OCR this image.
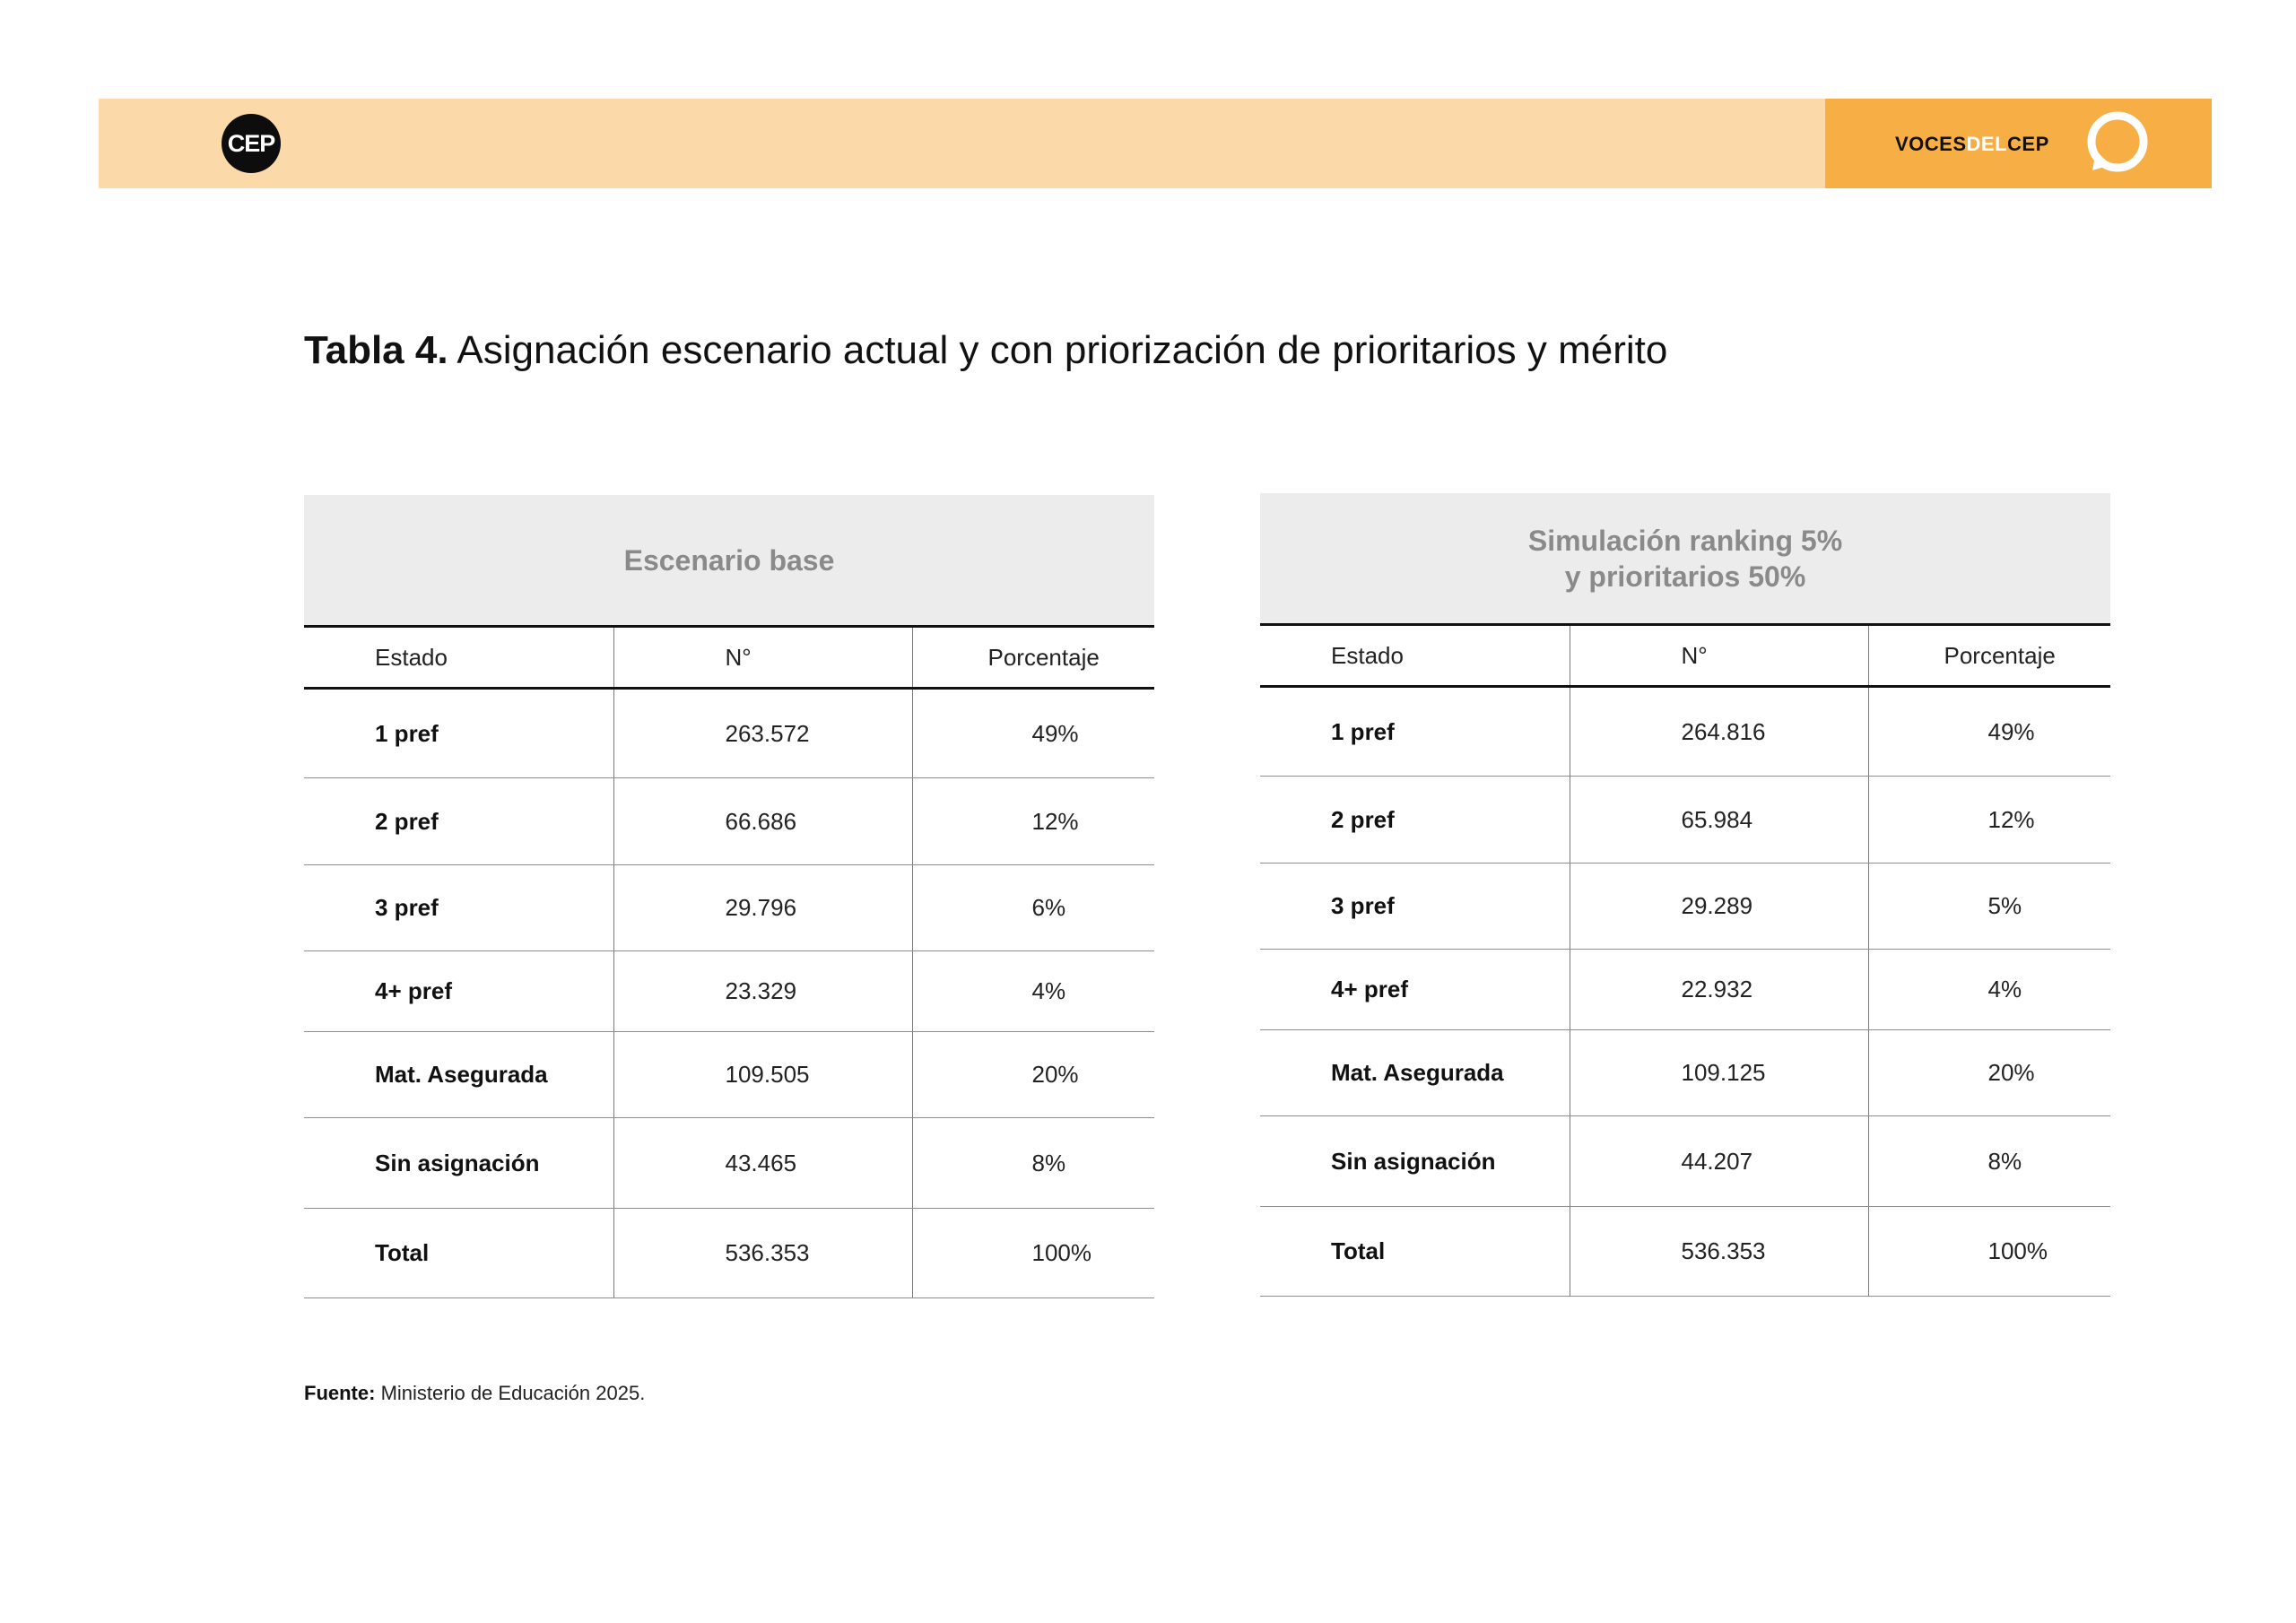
CEP	VOCES DEL CEP
Tabla 4. Asignación escenario actual y con priorización de prioritarios y mérito
Escenario base
Estado	N°	Porcentaje
1 pref	263.572	49%
2 pref	66.686	12%
3 pref	29.796	6%
4+ pref	23.329	4%
Mat. Asegurada	109.505	20%
Sin asignación	43.465	8%
Total	536.353	100%
Simulación ranking 5%
y prioritarios 50%
Estado	N°	Porcentaje
1 pref	264.816	49%
2 pref	65.984	12%
3 pref	29.289	5%
4+ pref	22.932	4%
Mat. Asegurada	109.125	20%
Sin asignación	44.207	8%
Total	536.353	100%
Fuente: Ministerio de Educación 2025.
